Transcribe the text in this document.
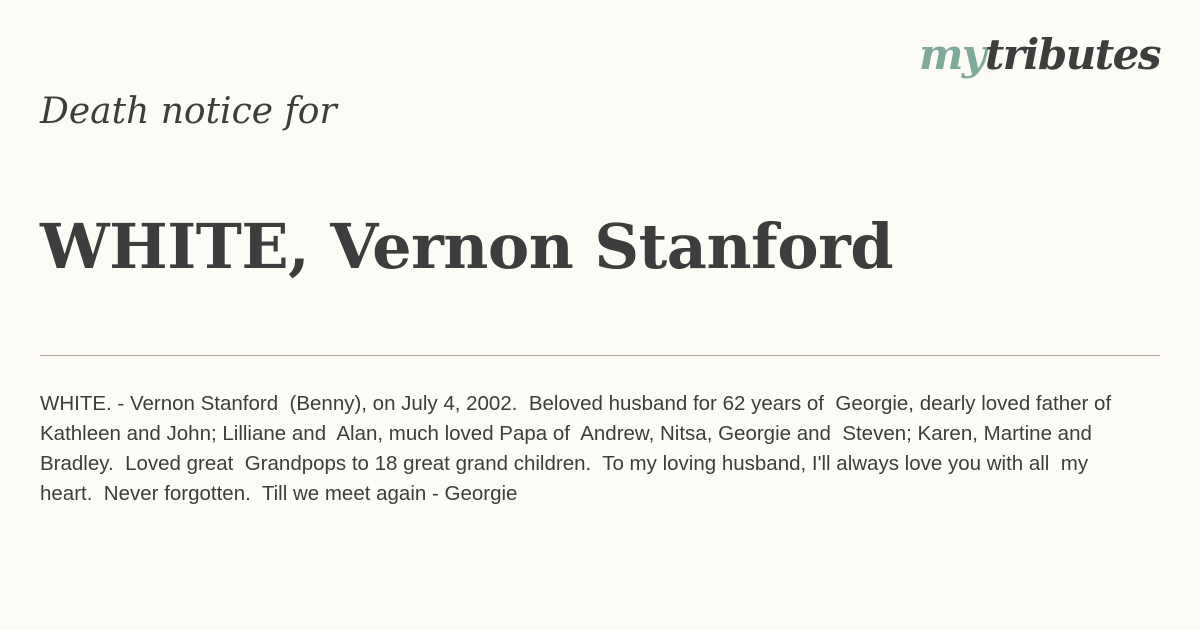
mytributes
Death notice for
WHITE, Vernon Stanford

WHITE. - Vernon Stanford  (Benny), on July 4, 2002.  Beloved husband for 62 years of  Georgie, dearly loved father of  Kathleen and John; Lilliane and  Alan, much loved Papa of  Andrew, Nitsa, Georgie and  Steven; Karen, Martine and  Bradley.  Loved great  Grandpops to 18 great grand children.  To my loving husband, I'll always love you with all  my heart.  Never forgotten.  Till we meet again - Georgie
